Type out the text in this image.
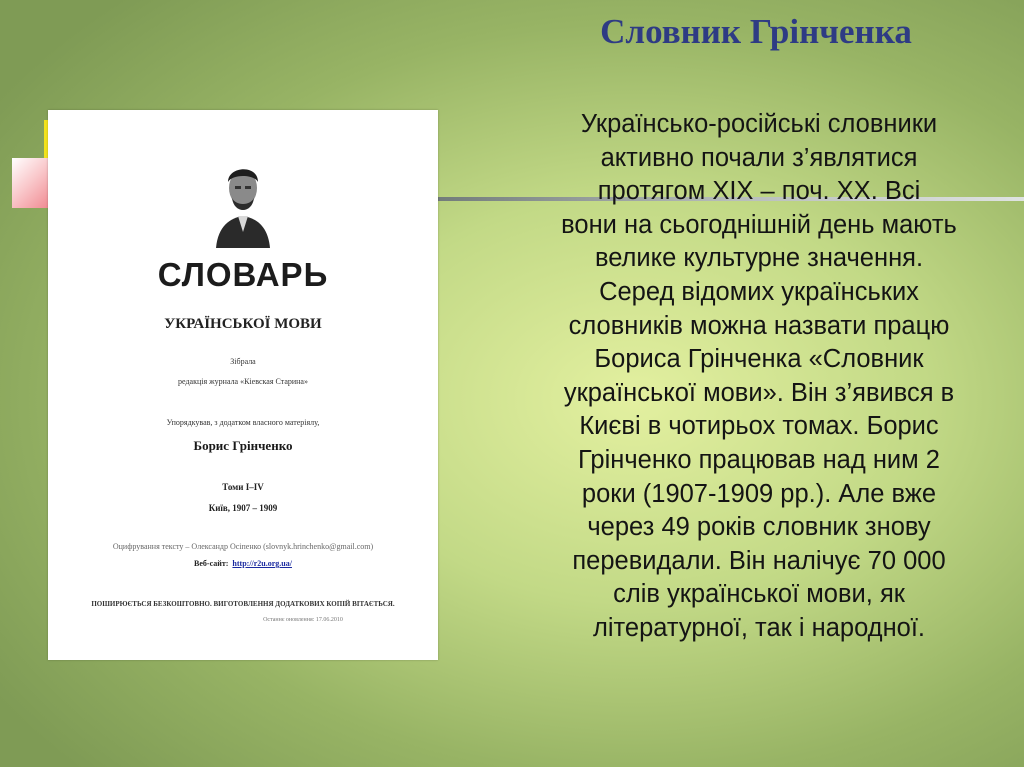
Словник Грінченка
СЛОВАРЬ
УКРАЇНСЬКОЇ МОВИ
Зібрала
редакція журнала «Кіевская Старина»
Упорядкував, з додатком власного матеріялу,
Борис Грінченко
Томи I–IV
Київ, 1907 – 1909
Оцифрування тексту – Олександр Осіпенко (slovnyk.hrinchenko@gmail.com)
Веб-сайт: http://r2u.org.ua/
ПОШИРЮЄТЬСЯ БЕЗКОШТОВНО. ВИГОТОВЛЕННЯ ДОДАТКОВИХ КОПІЙ ВІТАЄТЬСЯ.
Останнє оновлення: 17.06.2010

Українсько-російські словники
активно почали з’являтися
протягом XIX – поч. XX. Всі
вони на сьогоднішній день мають
велике культурне значення.
Серед відомих українських
словників можна назвати працю
Бориса Грінченка «Словник
української мови». Він з’явився в
Києві в чотирьох томах. Борис
Грінченко працював над ним 2
роки (1907-1909 рр.). Але вже
через 49 років словник знову
перевидали. Він налічує 70 000
слів української мови, як
літературної, так і народної.
